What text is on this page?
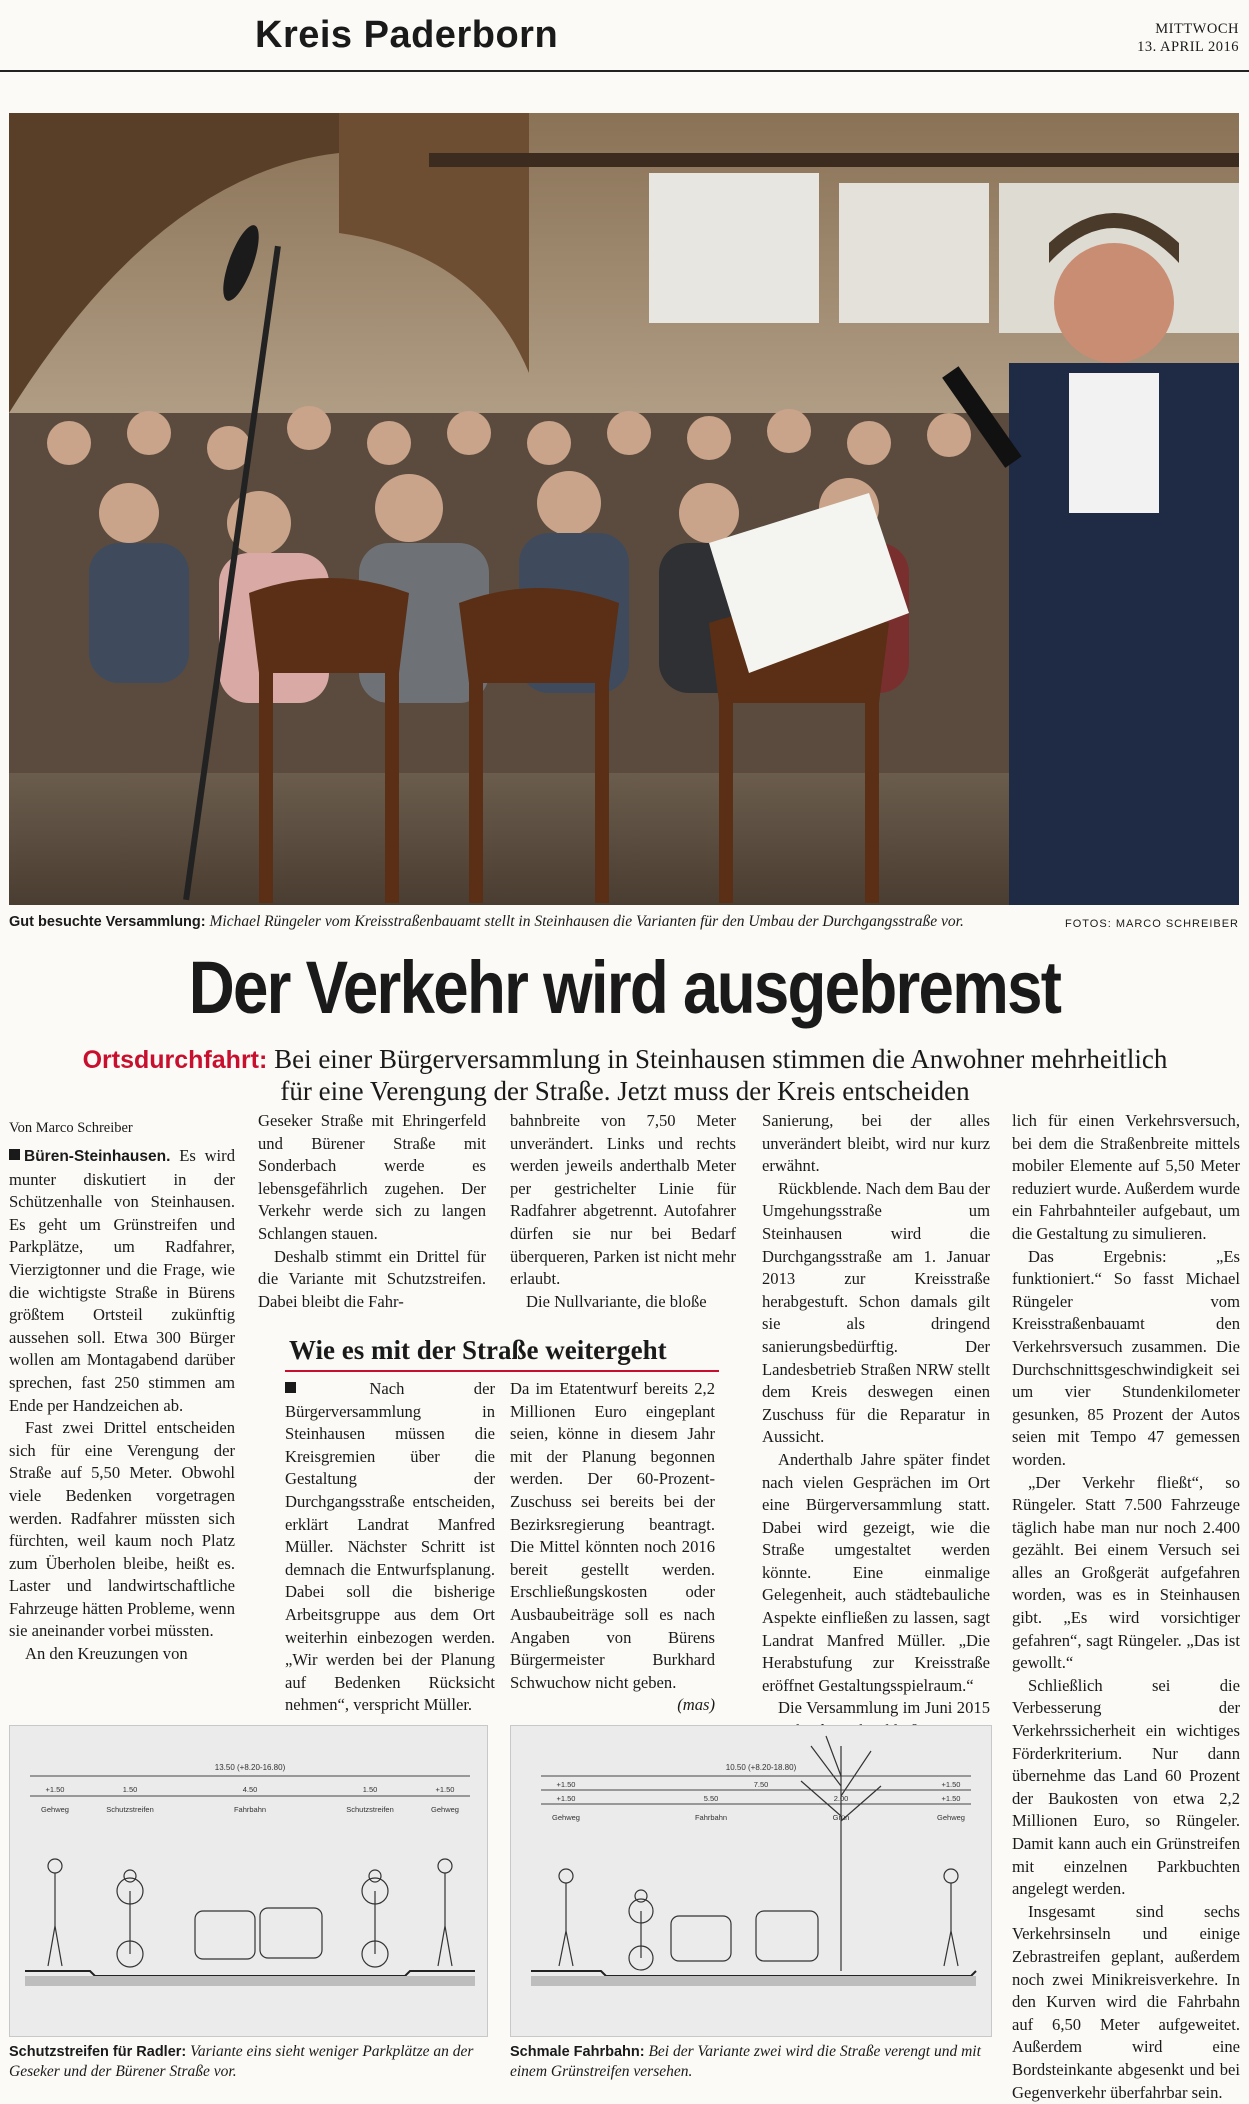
Kreis Paderborn	MITTWOCH
13. APRIL 2016
Gut besuchte Versammlung: Michael Rüngeler vom Kreisstraßenbauamt stellt in Steinhausen die Varianten für den Umbau der Durchgangsstraße vor.	FOTOS: MARCO SCHREIBER
Der Verkehr wird ausgebremst
Ortsdurchfahrt: Bei einer Bürgerversammlung in Steinhausen stimmen die Anwohner mehrheitlich für eine Verengung der Straße. Jetzt muss der Kreis entscheiden
Von Marco Schreiber

Büren-Steinhausen. Es wird munter diskutiert in der Schützenhalle von Steinhausen. Es geht um Grünstreifen und Parkplätze, um Radfahrer, Vierzigtonner und die Frage, wie die wichtigste Straße in Bürens größtem Ortsteil zukünftig aussehen soll. Etwa 300 Bürger wollen am Montagabend darüber sprechen, fast 250 stimmen am Ende per Handzeichen ab.

Fast zwei Drittel entscheiden sich für eine Verengung der Straße auf 5,50 Meter. Obwohl viele Bedenken vorgetragen werden. Radfahrer müssten sich fürchten, weil kaum noch Platz zum Überholen bleibe, heißt es. Laster und landwirtschaftliche Fahrzeuge hätten Probleme, wenn sie aneinander vorbei müssten.

An den Kreuzungen von

Geseker Straße mit Ehringerfeld und Bürener Straße mit Sonderbach werde es lebensgefährlich zugehen. Der Verkehr werde sich zu langen Schlangen stauen.

Deshalb stimmt ein Drittel für die Variante mit Schutzstreifen. Dabei bleibt die Fahr-

bahnbreite von 7,50 Meter unverändert. Links und rechts werden jeweils anderthalb Meter per gestrichelter Linie für Radfahrer abgetrennt. Autofahrer dürfen sie nur bei Bedarf überqueren, Parken ist nicht mehr erlaubt.

Die Nullvariante, die bloße

Wie es mit der Straße weitergeht

Nach der Bürgerversammlung in Steinhausen müssen die Kreisgremien über die Gestaltung der Durchgangsstraße entscheiden, erklärt Landrat Manfred Müller. Nächster Schritt ist demnach die Entwurfsplanung. Dabei soll die bisherige Arbeitsgruppe aus dem Ort weiterhin einbezogen werden. „Wir werden bei der Planung auf Bedenken Rücksicht nehmen“, verspricht Müller.

Da im Etatentwurf bereits 2,2 Millionen Euro eingeplant seien, könne in diesem Jahr mit der Planung begonnen werden. Der 60-Prozent-Zuschuss sei bereits bei der Bezirksregierung beantragt. Die Mittel könnten noch 2016 bereit gestellt werden. Erschließungskosten oder Ausbaubeiträge soll es nach Angaben von Bürens Bürgermeister Burkhard Schwuchow nicht geben.

(mas)

Sanierung, bei der alles unverändert bleibt, wird nur kurz erwähnt.

Rückblende. Nach dem Bau der Umgehungsstraße um Steinhausen wird die Durchgangsstraße am 1. Januar 2013 zur Kreisstraße herabgestuft. Schon damals gilt sie als dringend sanierungsbedürftig. Der Landesbetrieb Straßen NRW stellt dem Kreis deswegen einen Zuschuss für die Reparatur in Aussicht.

Anderthalb Jahre später findet nach vielen Gesprächen im Ort eine Bürgerversammlung statt. Dabei wird gezeigt, wie die Straße umgestaltet werden könnte. Eine einmalige Gelegenheit, auch städtebauliche Aspekte einfließen zu lassen, sagt Landrat Manfred Müller. „Die Herabstufung zur Kreisstraße eröffnet Gestaltungsspielraum.“

Die Versammlung im Juni 2015

lich für einen Verkehrsversuch, bei dem die Straßenbreite mittels mobiler Elemente auf 5,50 Meter reduziert wurde. Außerdem wurde ein Fahrbahnteiler aufgebaut, um die Gestaltung zu simulieren.

Das Ergebnis: „Es funktioniert.“ So fasst Michael Rüngeler vom Kreisstraßenbauamt den Verkehrsversuch zusammen. Die Durchschnittsgeschwindigkeit sei um vier Stundenkilometer gesunken, 85 Prozent der Autos seien mit Tempo 47 gemessen worden.

„Der Verkehr fließt“, so Rüngeler. Statt 7.500 Fahrzeuge täglich habe man nur noch 2.400 gezählt. Bei einem Versuch sei alles an Großgerät aufgefahren worden, was es in Steinhausen gibt. „Es wird vorsichtiger gefahren“, sagt Rüngeler. „Das ist gewollt.“

Schließlich sei die Verbesserung der Verkehrssicherheit ein wichtiges Förderkriterium. Nur dann übernehme das Land 60 Prozent der Baukosten von etwa 2,2 Millionen Euro, so Rüngeler. Damit kann auch ein Grünstreifen mit einzelnen Parkbuchten angelegt werden.

Insgesamt sind sechs Verkehrsinseln und einige Zebrastreifen geplant, außerdem noch zwei Minikreisverkehre. In den Kurven wird die Fahrbahn auf 6,50 Meter aufgeweitet. Außerdem wird eine Bordsteinkante abgesenkt und bei Gegenverkehr überfahrbar sein.

13.50 (+8.20-16.80)
+1.50	1.50	4.50	1.50	+1.50
Gehweg	Schutzstreifen	Fahrbahn	Schutzstreifen	Gehweg
Schutzstreifen für Radler: Variante eins sieht weniger Parkplätze an der Geseker und der Bürener Straße vor.
10.50 (+8.20-18.80)
+1.50	7.50	+1.50
+1.50	5.50	2.00	+1.50
Gehweg	Fahrbahn	Grün	Gehweg
Schmale Fahrbahn: Bei der Variante zwei wird die Straße verengt und mit einem Grünstreifen versehen.
